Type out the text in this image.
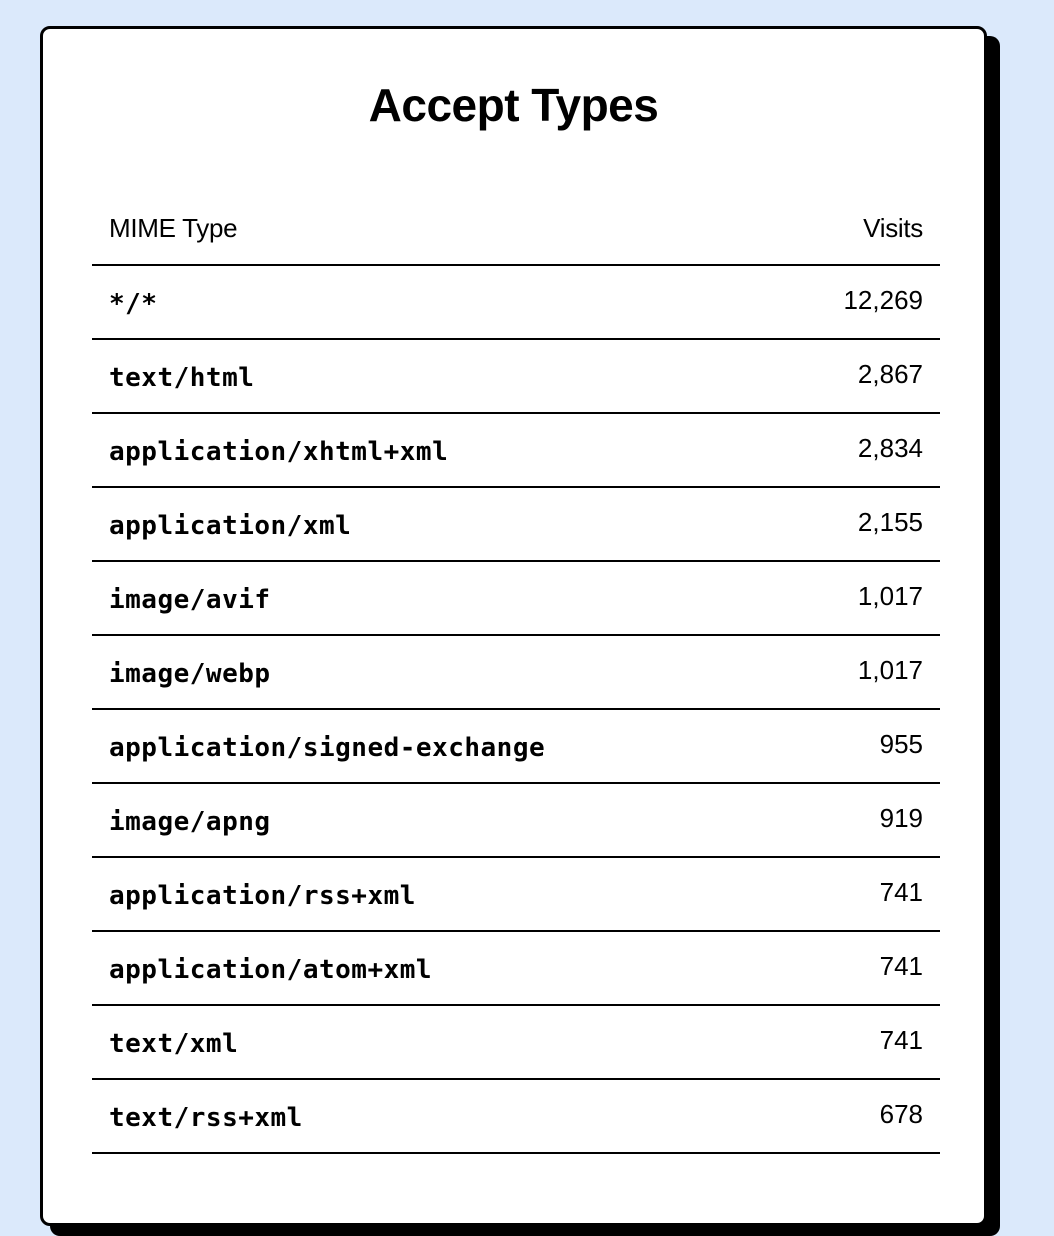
Accept Types
MIME Type	Visits
*/*	12,269
text/html	2,867
application/xhtml+xml	2,834
application/xml	2,155
image/avif	1,017
image/webp	1,017
application/signed-exchange	955
image/apng	919
application/rss+xml	741
application/atom+xml	741
text/xml	741
text/rss+xml	678
